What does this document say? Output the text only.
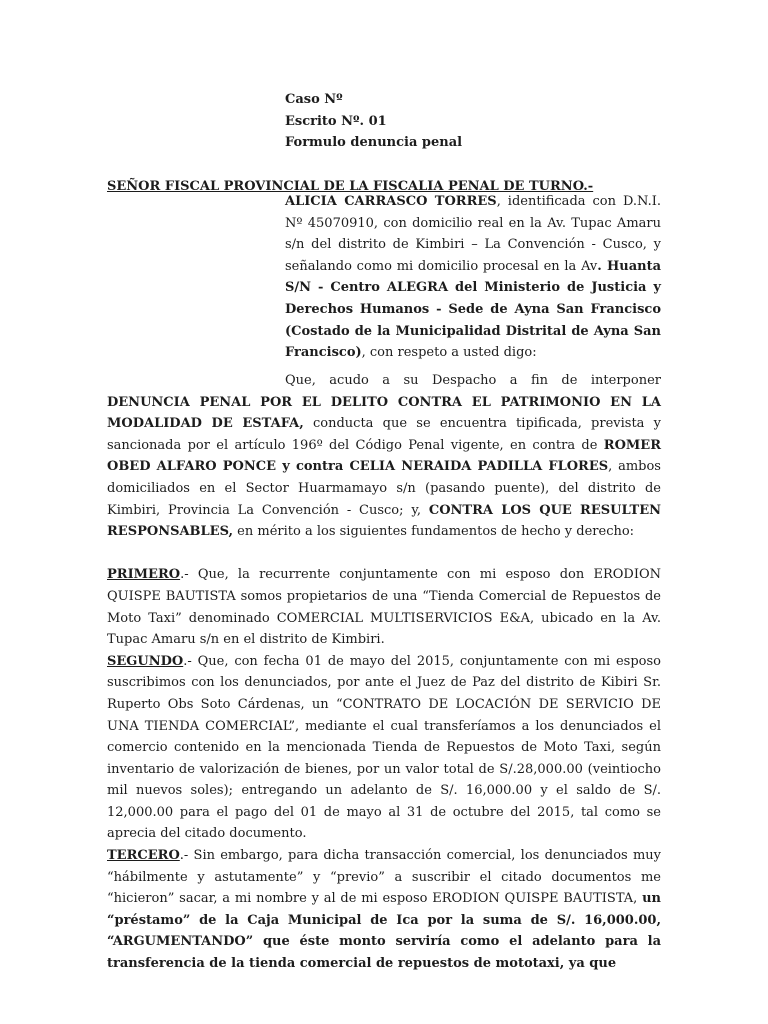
Caso Nº
Escrito Nº. 01
Formulo denuncia penal
SEÑOR FISCAL PROVINCIAL DE LA FISCALIA PENAL DE TURNO.-

ALICIA CARRASCO TORRES, identificada con D.N.I. Nº 45070910, con domicilio real en la Av. Tupac Amaru s/n del distrito de Kimbiri – La Convención - Cusco, y señalando como mi domicilio procesal en la Av. Huanta S/N - Centro ALEGRA del Ministerio de Justicia y Derechos Humanos - Sede de Ayna San Francisco (Costado de la Municipalidad Distrital de Ayna San Francisco), con respeto a usted digo:

Que, acudo a su Despacho a fin de interponer DENUNCIA PENAL POR EL DELITO CONTRA EL PATRIMONIO EN LA MODALIDAD DE ESTAFA, conducta que se encuentra tipificada, prevista y sancionada por el artículo 196º del Código Penal vigente, en contra de ROMER OBED ALFARO PONCE y contra CELIA NERAIDA PADILLA FLORES, ambos domiciliados en el Sector Huarmamayo s/n (pasando puente), del distrito de Kimbiri, Provincia La Convención - Cusco; y, CONTRA LOS QUE RESULTEN RESPONSABLES, en mérito a los siguientes fundamentos de hecho y derecho:

PRIMERO.- Que, la recurrente conjuntamente con mi esposo don ERODION QUISPE BAUTISTA somos propietarios de una “Tienda Comercial de Repuestos de Moto Taxi” denominado COMERCIAL MULTISERVICIOS E&A, ubicado en la Av. Tupac Amaru s/n en el distrito de Kimbiri.

SEGUNDO.- Que, con fecha 01 de mayo del 2015, conjuntamente con mi esposo suscribimos con los denunciados, por ante el Juez de Paz del distrito de Kibiri Sr. Ruperto Obs Soto Cárdenas, un “CONTRATO DE LOCACIÓN DE SERVICIO DE UNA TIENDA COMERCIAL”, mediante el cual transferíamos a los denunciados el comercio contenido en la mencionada Tienda de Repuestos de Moto Taxi, según inventario de valorización de bienes, por un valor total de S/.28,000.00 (veintiocho mil nuevos soles); entregando un adelanto de S/. 16,000.00 y el saldo de S/. 12,000.00 para el pago del 01 de mayo al 31 de octubre del 2015, tal como se aprecia del citado documento.

TERCERO.- Sin embargo, para dicha transacción comercial, los denunciados muy “hábilmente y astutamente” y “previo” a suscribir el citado documentos me “hicieron” sacar, a mi nombre y al de mi esposo ERODION QUISPE BAUTISTA, un “préstamo” de la Caja Municipal de Ica por la suma de S/. 16,000.00, “ARGUMENTANDO” que éste monto serviría como el adelanto para la transferencia de la tienda comercial de repuestos de mototaxi, ya que
